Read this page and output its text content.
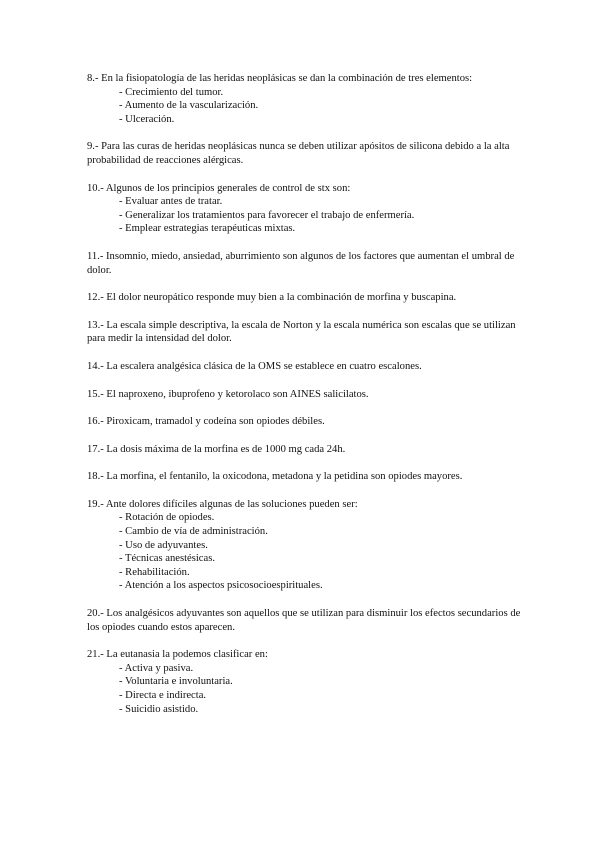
8.- En la fisiopatología de las heridas neoplásicas se dan la combinación de tres elementos:

- Crecimiento del tumor.
- Aumento de la vascularización.
- Ulceración.

9.- Para las curas de heridas neoplásicas nunca se deben utilizar apósitos de silicona debido a la alta probabilidad de reacciones alérgicas.

10.- Algunos de los principios generales de control de stx son:

- Evaluar antes de tratar.
- Generalizar los tratamientos para favorecer el trabajo de enfermería.
- Emplear estrategias terapéuticas mixtas.

11.- Insomnio, miedo, ansiedad, aburrimiento son algunos de los factores que aumentan el umbral de dolor.

12.- El dolor neuropático responde muy bien a la combinación de morfina y buscapina.

13.- La escala simple descriptiva, la escala de Norton y la escala numérica son escalas que se utilizan para medir la intensidad del dolor.

14.- La escalera analgésica clásica de la OMS se establece en cuatro escalones.

15.- El naproxeno, ibuprofeno y ketorolaco son AINES salicilatos.

16.- Piroxicam, tramadol y codeína son opiodes débiles.

17.- La dosis máxima de la morfina es de 1000 mg cada 24h.

18.- La morfina, el fentanilo, la oxicodona, metadona y la petidina son opiodes mayores.

19.- Ante dolores difíciles algunas de las soluciones pueden ser:

- Rotación de opiodes.
- Cambio de vía de administración.
- Uso de adyuvantes.
- Técnicas anestésicas.
- Rehabilitación.
- Atención a los aspectos psicosocioespirituales.

20.- Los analgésicos adyuvantes son aquellos que se utilizan para disminuir los efectos secundarios de los opiodes cuando estos aparecen.

21.- La eutanasia la podemos clasificar en:

- Activa y pasiva.
- Voluntaria e involuntaria.
- Directa e indirecta.
- Suicidio asistido.
